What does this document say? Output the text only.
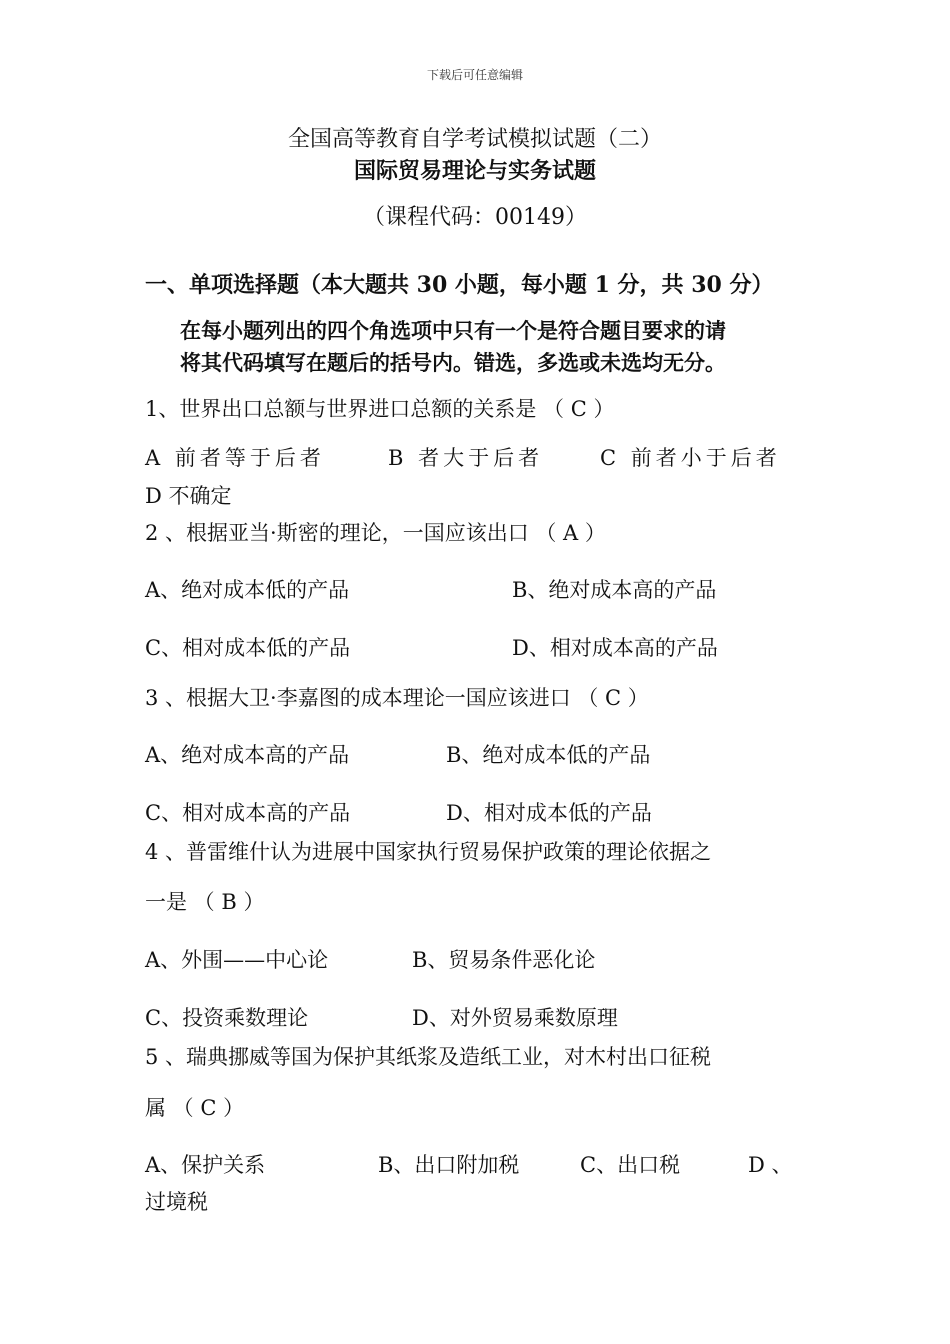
下载后可任意编辑
全国高等教育自学考试模拟试题（二）
国际贸易理论与实务试题
（课程代码：00149）
一、单项选择题（本大题共 30 小题，每小题 1 分，共 30 分）
在每小题列出的四个角选项中只有一个是符合题目要求的请
将其代码填写在题后的括号内。错选，多选或未选均无分。
1、世界出口总额与世界进口总额的关系是 （ C ）
A 前者等于后者	B 者大于后者	C 前者小于后者
D 不确定
2 、根据亚当·斯密的理论，一国应该出口 （ A ）
A、绝对成本低的产品	B、绝对成本高的产品
C、相对成本低的产品	D、相对成本高的产品
3 、根据大卫·李嘉图的成本理论一国应该进口 （ C ）
A、绝对成本高的产品	B、绝对成本低的产品
C、相对成本高的产品	D、相对成本低的产品
4 、普雷维什认为进展中国家执行贸易保护政策的理论依据之
一是 （ B ）
A、外围——中心论	B、贸易条件恶化论
C、投资乘数理论	D、对外贸易乘数原理
5 、瑞典挪威等国为保护其纸浆及造纸工业，对木村出口征税
属 （ C ）
A、保护关系	B、出口附加税	C、出口税	D 、
过境税
